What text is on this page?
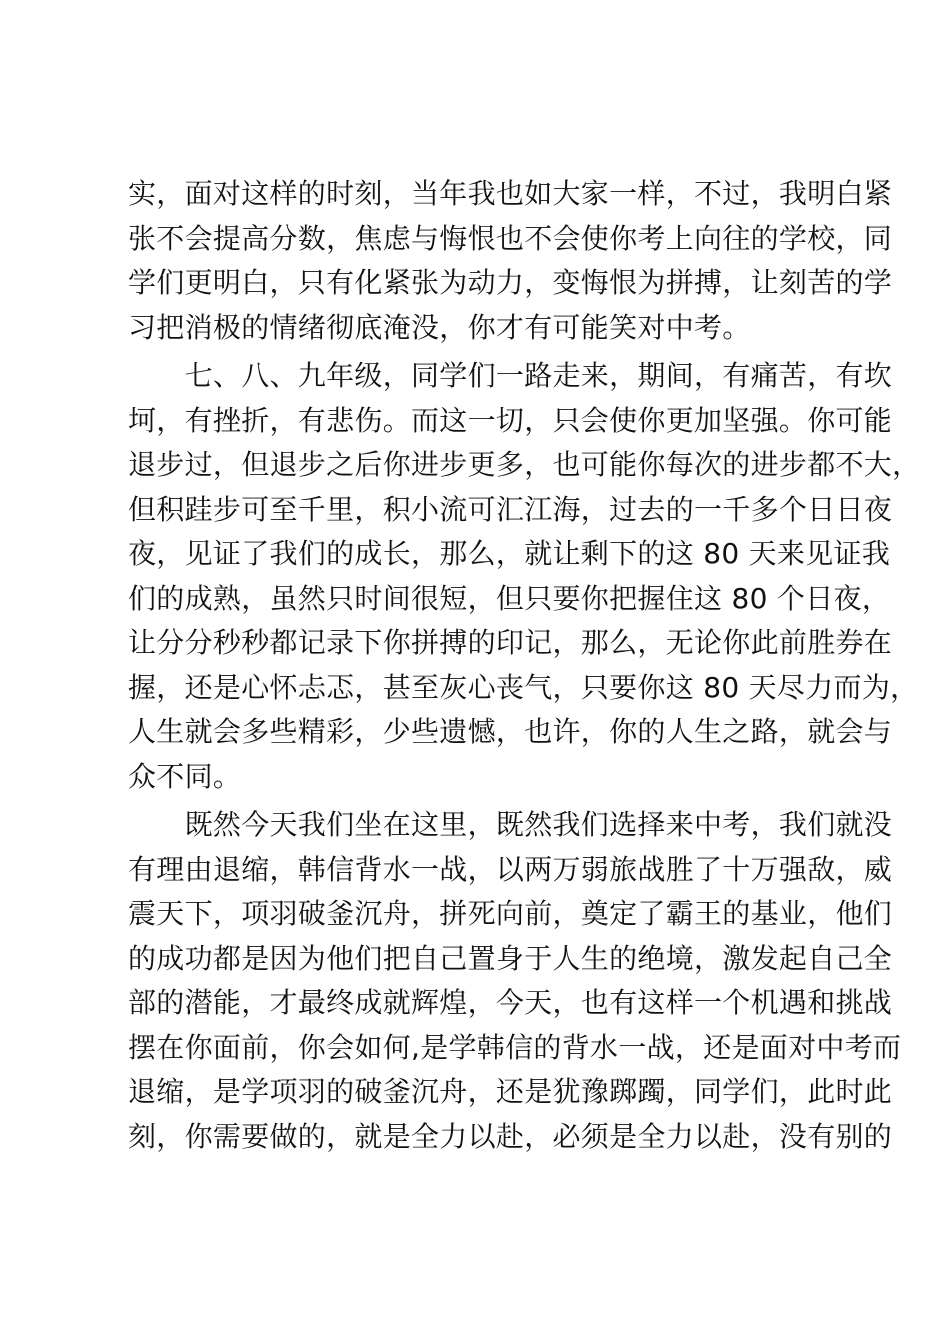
实，面对这样的时刻，当年我也如大家一样，不过，我明白紧
张不会提高分数，焦虑与悔恨也不会使你考上向往的学校，同
学们更明白，只有化紧张为动力，变悔恨为拼搏，让刻苦的学
习把消极的情绪彻底淹没，你才有可能笑对中考。
　　七、八、九年级，同学们一路走来，期间，有痛苦，有坎
坷，有挫折，有悲伤。而这一切，只会使你更加坚强。你可能
退步过，但退步之后你进步更多，也可能你每次的进步都不大，
但积跬步可至千里，积小流可汇江海，过去的一千多个日日夜
夜，见证了我们的成长，那么，就让剩下的这 80 天来见证我
们的成熟，虽然只时间很短，但只要你把握住这 80 个日夜，
让分分秒秒都记录下你拼搏的印记，那么，无论你此前胜券在
握，还是心怀忐忑，甚至灰心丧气，只要你这 80 天尽力而为，
人生就会多些精彩，少些遗憾，也许，你的人生之路，就会与
众不同。
　　既然今天我们坐在这里，既然我们选择来中考，我们就没
有理由退缩，韩信背水一战，以两万弱旅战胜了十万强敌，威
震天下，项羽破釜沉舟，拼死向前，奠定了霸王的基业，他们
的成功都是因为他们把自己置身于人生的绝境，激发起自己全
部的潜能，才最终成就辉煌，今天，也有这样一个机遇和挑战
摆在你面前，你会如何,是学韩信的背水一战，还是面对中考而
退缩，是学项羽的破釜沉舟，还是犹豫踯躅，同学们，此时此
刻，你需要做的，就是全力以赴，必须是全力以赴，没有别的
